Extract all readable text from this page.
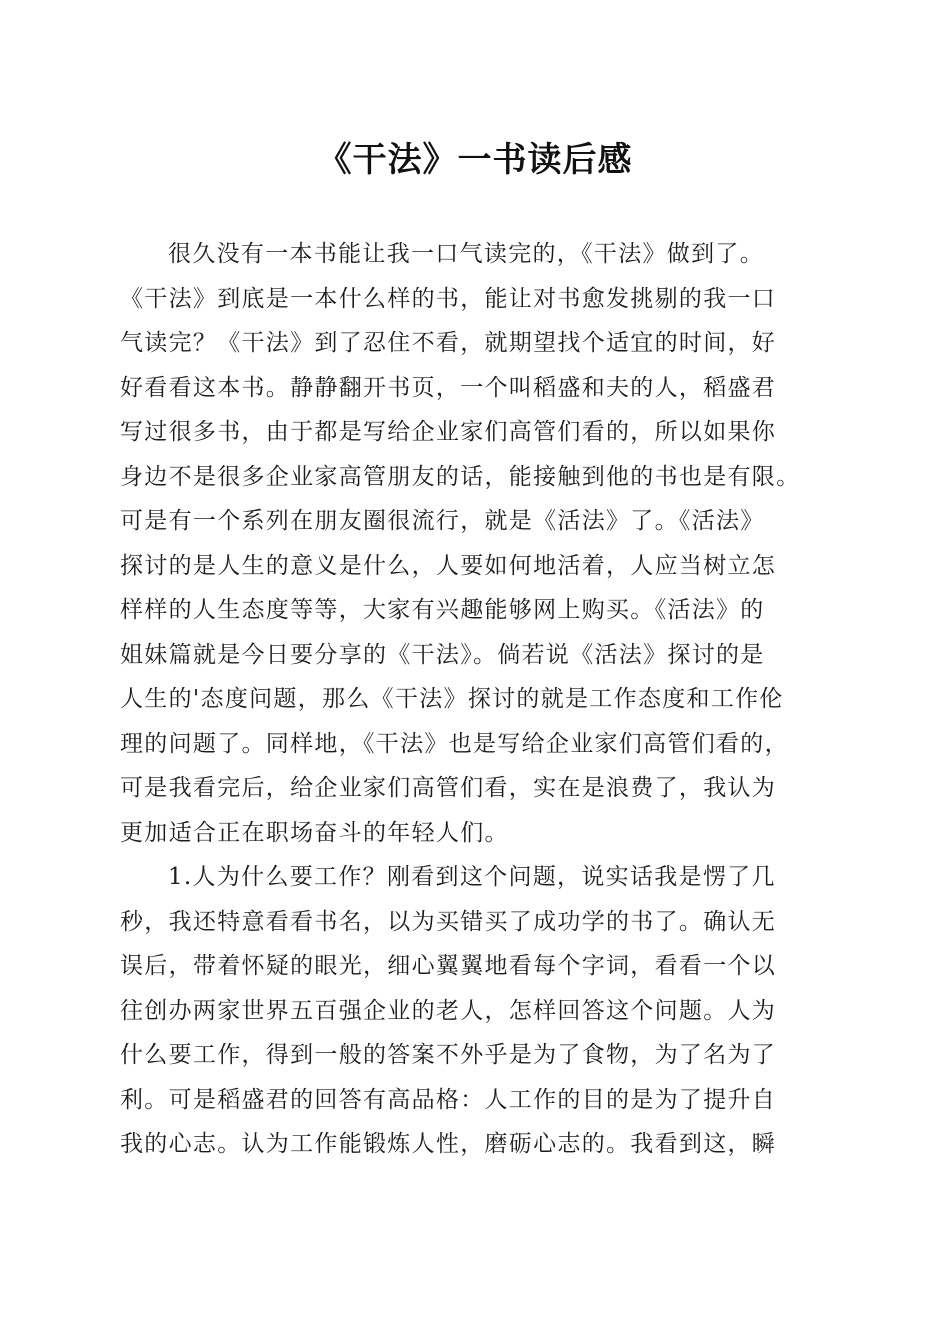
《干法》一书读后感
很久没有一本书能让我一口气读完的，《干法》做到了。
《干法》到底是一本什么样的书，能让对书愈发挑剔的我一口
气读完？《干法》到了忍住不看，就期望找个适宜的时间，好
好看看这本书。静静翻开书页，一个叫稻盛和夫的人，稻盛君
写过很多书，由于都是写给企业家们高管们看的，所以如果你
身边不是很多企业家高管朋友的话，能接触到他的书也是有限。
可是有一个系列在朋友圈很流行，就是《活法》了。《活法》
探讨的是人生的意义是什么，人要如何地活着，人应当树立怎
样样的人生态度等等，大家有兴趣能够网上购买。《活法》的
姐妹篇就是今日要分享的《干法》。倘若说《活法》探讨的是
人生的'态度问题，那么《干法》探讨的就是工作态度和工作伦
理的问题了。同样地，《干法》也是写给企业家们高管们看的，
可是我看完后，给企业家们高管们看，实在是浪费了，我认为
更加适合正在职场奋斗的年轻人们。
1.人为什么要工作？刚看到这个问题，说实话我是愣了几
秒，我还特意看看书名，以为买错买了成功学的书了。确认无
误后，带着怀疑的眼光，细心翼翼地看每个字词，看看一个以
往创办两家世界五百强企业的老人，怎样回答这个问题。人为
什么要工作，得到一般的答案不外乎是为了食物，为了名为了
利。可是稻盛君的回答有高品格：人工作的目的是为了提升自
我的心志。认为工作能锻炼人性，磨砺心志的。我看到这，瞬
